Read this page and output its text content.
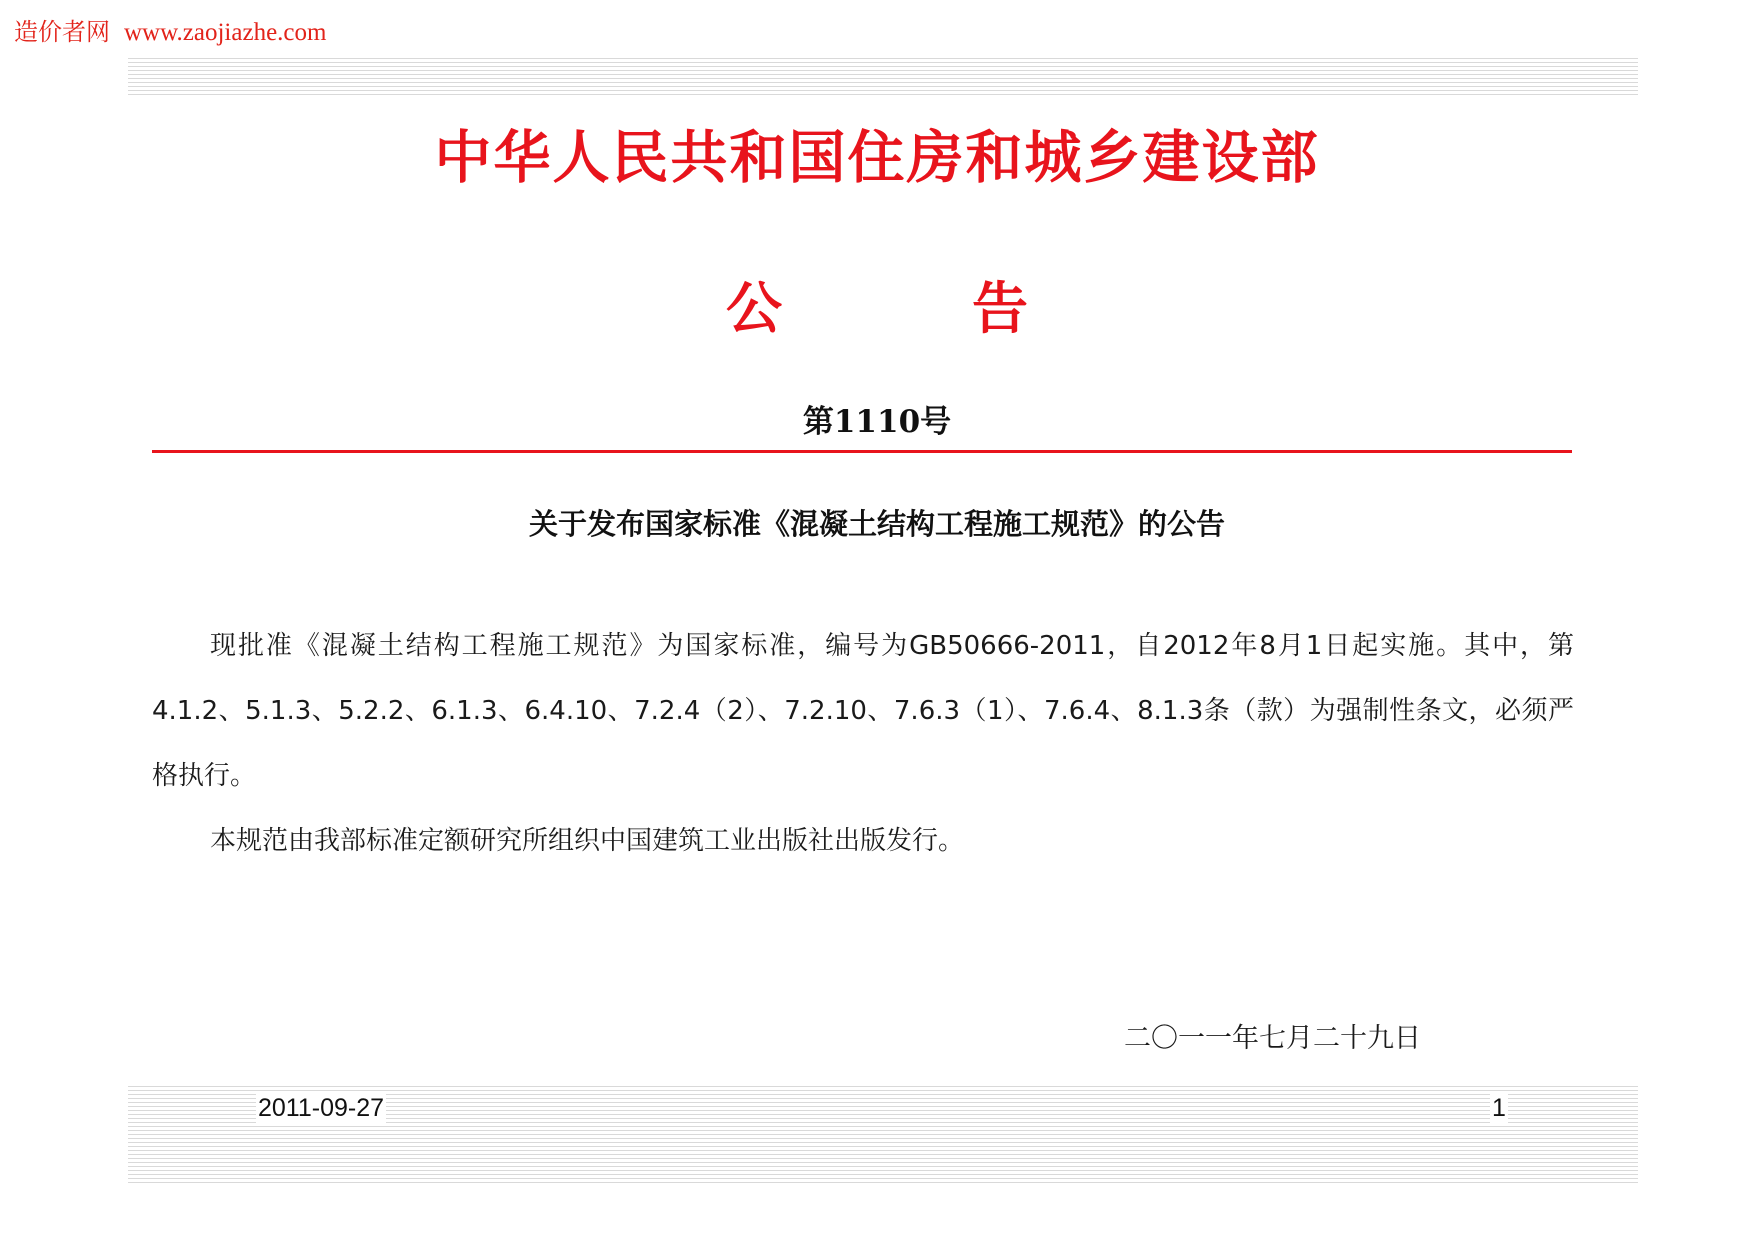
造价者网 www.zaojiazhe.com
中华人民共和国住房和城乡建设部
公	告
第1110号
关于发布国家标准《混凝土结构工程施工规范》的公告
现批准《混凝土结构工程施工规范》为国家标准，编号为GB50666-2011，自2012年8月1日起实施。其中，第4.1.2、5.1.3、5.2.2、6.1.3、6.4.10、7.2.4（2）、7.2.10、7.6.3（1）、7.6.4、8.1.3条（款）为强制性条文，必须严格执行。
本规范由我部标准定额研究所组织中国建筑工业出版社出版发行。
二〇一一年七月二十九日
2011-09-27	1
